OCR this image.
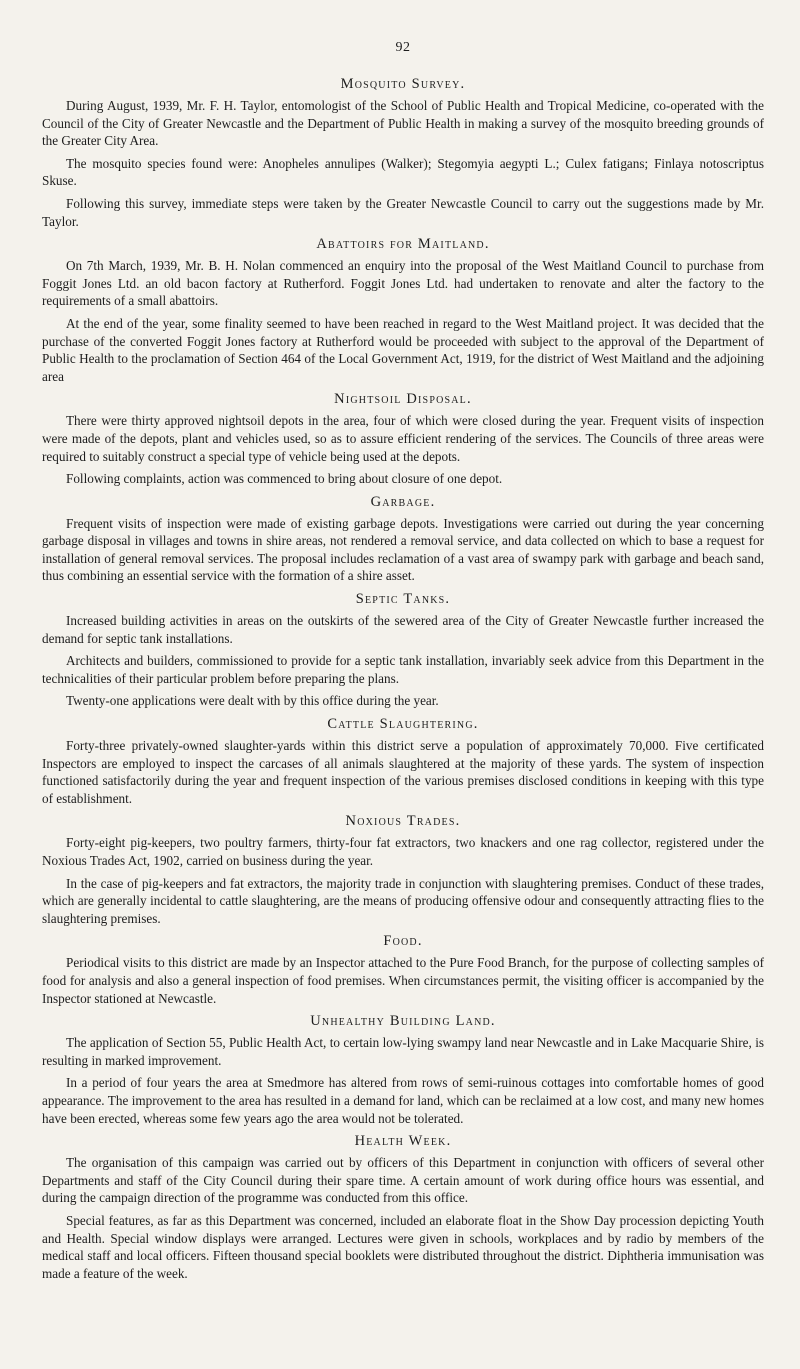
92
Mosquito Survey.

During August, 1939, Mr. F. H. Taylor, entomologist of the School of Public Health and Tropical Medicine, co-operated with the Council of the City of Greater Newcastle and the Department of Public Health in making a survey of the mosquito breeding grounds of the Greater City Area.

The mosquito species found were: Anopheles annulipes (Walker); Stegomyia aegypti L.; Culex fatigans; Finlaya notoscriptus Skuse.

Following this survey, immediate steps were taken by the Greater Newcastle Council to carry out the suggestions made by Mr. Taylor.

Abattoirs for Maitland.

On 7th March, 1939, Mr. B. H. Nolan commenced an enquiry into the proposal of the West Maitland Council to purchase from Foggit Jones Ltd. an old bacon factory at Rutherford. Foggit Jones Ltd. had undertaken to renovate and alter the factory to the requirements of a small abattoirs.

At the end of the year, some finality seemed to have been reached in regard to the West Maitland project. It was decided that the purchase of the converted Foggit Jones factory at Rutherford would be proceeded with subject to the approval of the Department of Public Health to the proclamation of Section 464 of the Local Government Act, 1919, for the district of West Maitland and the adjoining area

Nightsoil Disposal.

There were thirty approved nightsoil depots in the area, four of which were closed during the year. Frequent visits of inspection were made of the depots, plant and vehicles used, so as to assure efficient rendering of the services. The Councils of three areas were required to suitably construct a special type of vehicle being used at the depots.

Following complaints, action was commenced to bring about closure of one depot.

Garbage.

Frequent visits of inspection were made of existing garbage depots. Investigations were carried out during the year concerning garbage disposal in villages and towns in shire areas, not rendered a removal service, and data collected on which to base a request for installation of general removal services. The proposal includes reclamation of a vast area of swampy park with garbage and beach sand, thus combining an essential service with the formation of a shire asset.

Septic Tanks.

Increased building activities in areas on the outskirts of the sewered area of the City of Greater Newcastle further increased the demand for septic tank installations.

Architects and builders, commissioned to provide for a septic tank installation, invariably seek advice from this Department in the technicalities of their particular problem before preparing the plans.

Twenty-one applications were dealt with by this office during the year.

Cattle Slaughtering.

Forty-three privately-owned slaughter-yards within this district serve a population of approximately 70,000. Five certificated Inspectors are employed to inspect the carcases of all animals slaughtered at the majority of these yards. The system of inspection functioned satisfactorily during the year and frequent inspection of the various premises disclosed conditions in keeping with this type of establishment.

Noxious Trades.

Forty-eight pig-keepers, two poultry farmers, thirty-four fat extractors, two knackers and one rag collector, registered under the Noxious Trades Act, 1902, carried on business during the year.

In the case of pig-keepers and fat extractors, the majority trade in conjunction with slaughtering premises. Conduct of these trades, which are generally incidental to cattle slaughtering, are the means of producing offensive odour and consequently attracting flies to the slaughtering premises.

Food.

Periodical visits to this district are made by an Inspector attached to the Pure Food Branch, for the purpose of collecting samples of food for analysis and also a general inspection of food premises. When circumstances permit, the visiting officer is accompanied by the Inspector stationed at Newcastle.

Unhealthy Building Land.

The application of Section 55, Public Health Act, to certain low-lying swampy land near Newcastle and in Lake Macquarie Shire, is resulting in marked improvement.

In a period of four years the area at Smedmore has altered from rows of semi-ruinous cottages into comfortable homes of good appearance. The improvement to the area has resulted in a demand for land, which can be reclaimed at a low cost, and many new homes have been erected, whereas some few years ago the area would not be tolerated.

Health Week.

The organisation of this campaign was carried out by officers of this Department in conjunction with officers of several other Departments and staff of the City Council during their spare time. A certain amount of work during office hours was essential, and during the campaign direction of the programme was conducted from this office.

Special features, as far as this Department was concerned, included an elaborate float in the Show Day procession depicting Youth and Health. Special window displays were arranged. Lectures were given in schools, workplaces and by radio by members of the medical staff and local officers. Fifteen thousand special booklets were distributed throughout the district. Diphtheria immunisation was made a feature of the week.
